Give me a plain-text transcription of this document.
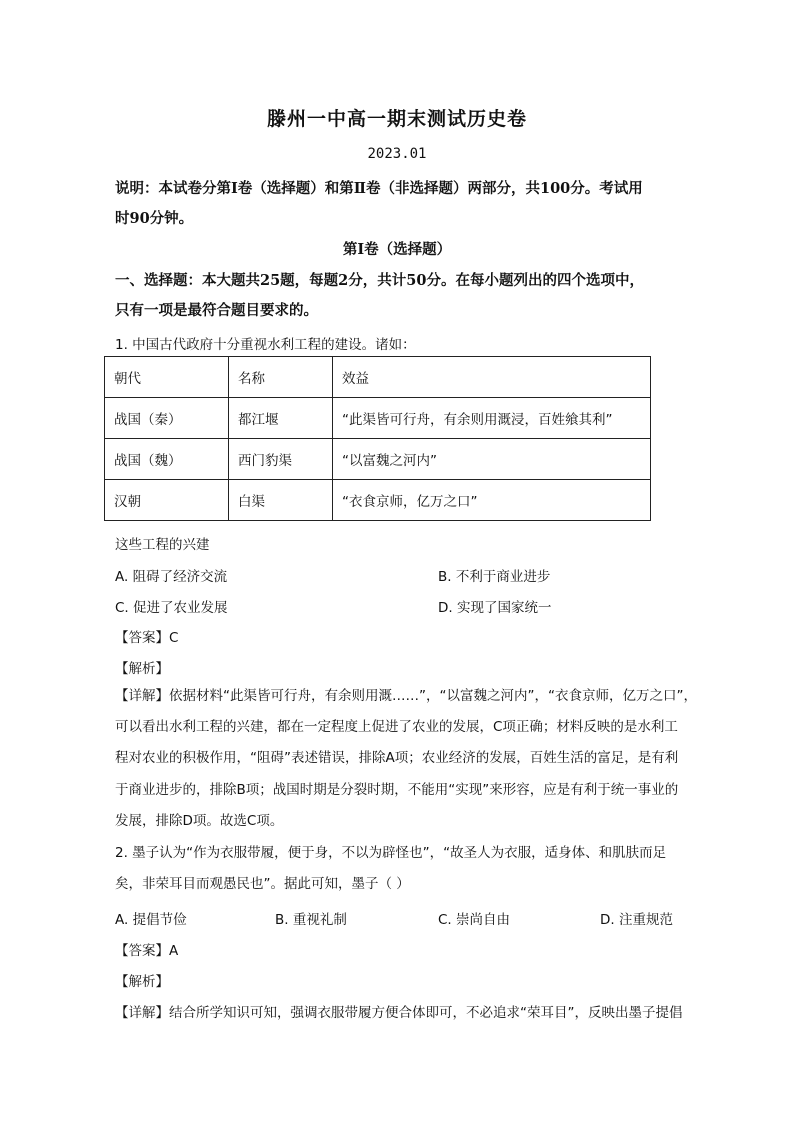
滕州一中高一期末测试历史卷
2023.01
说明：本试卷分第Ⅰ卷（选择题）和第Ⅱ卷（非选择题）两部分，共100分。考试用
时90分钟。
第Ⅰ卷（选择题）
一、选择题：本大题共25题，每题2分，共计50分。在每小题列出的四个选项中，
只有一项是最符合题目要求的。
1. 中国古代政府十分重视水利工程的建设。诸如：
朝代	名称	效益
战国（秦）	都江堰	“此渠皆可行舟，有余则用溉浸，百姓飨其利”
战国（魏）	西门豹渠	“以富魏之河内”
汉朝	白渠	“衣食京师，亿万之口”
这些工程的兴建
A. 阻碍了经济交流	B. 不利于商业进步
C. 促进了农业发展	D. 实现了国家统一
【答案】C
【解析】
【详解】依据材料“此渠皆可行舟，有余则用溉……”，“以富魏之河内”，“衣食京师，亿万之口”，
可以看出水利工程的兴建，都在一定程度上促进了农业的发展，C项正确；材料反映的是水利工
程对农业的积极作用，“阻碍”表述错误，排除A项；农业经济的发展，百姓生活的富足，是有利
于商业进步的，排除B项；战国时期是分裂时期，不能用“实现”来形容，应是有利于统一事业的
发展，排除D项。故选C项。
2. 墨子认为“作为衣服带履，便于身，不以为辟怪也”，“故圣人为衣服，适身体、和肌肤而足
矣，非荣耳目而观愚民也”。据此可知，墨子（ ）
A. 提倡节俭	B. 重视礼制	C. 崇尚自由	D. 注重规范
【答案】A
【解析】
【详解】结合所学知识可知，强调衣服带履方便合体即可，不必追求“荣耳目”，反映出墨子提倡
